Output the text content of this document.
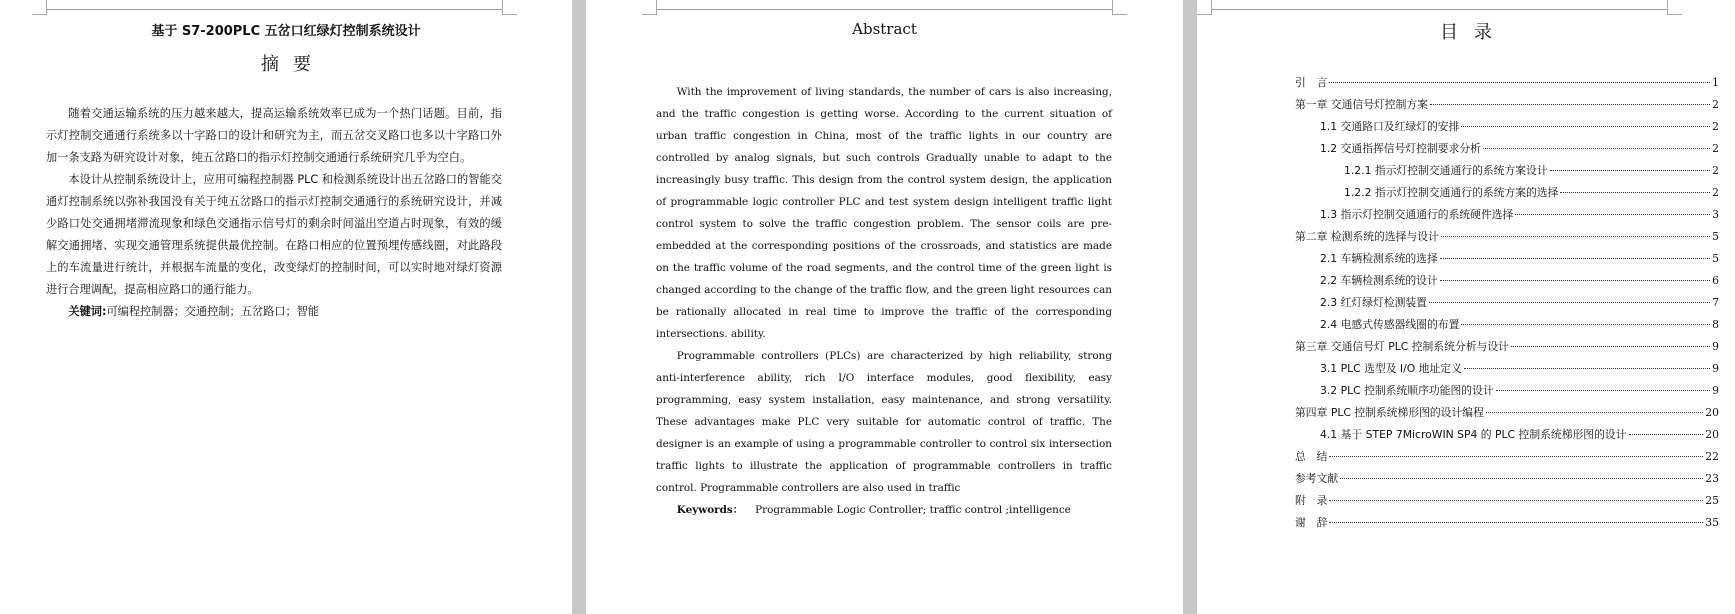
基于 S7-200PLC 五岔口红绿灯控制系统设计
摘要

随着交通运输系统的压力越来越大，提高运输系统效率已成为一个热门话题。目前，指示灯控制交通通行系统多以十字路口的设计和研究为主，而五岔交叉路口也多以十字路口外加一条支路为研究设计对象，纯五岔路口的指示灯控制交通通行系统研究几乎为空白。

本设计从控制系统设计上，应用可编程控制器 PLC 和检测系统设计出五岔路口的智能交通灯控制系统以弥补我国没有关于纯五岔路口的指示灯控制交通通行的系统研究设计，并减少路口处交通拥堵滞流现象和绿色交通指示信号灯的剩余时间溢出空道占时现象，有效的缓解交通拥堵、实现交通管理系统提供最优控制。在路口相应的位置预埋传感线圈，对此路段上的车流量进行统计，并根据车流量的变化，改变绿灯的控制时间，可以实时地对绿灯资源进行合理调配，提高相应路口的通行能力。

关键词:可编程控制器；交通控制；五岔路口；智能

Abstract

With the improvement of living standards, the number of cars is also increasing, and the traffic congestion is getting worse. According to the current situation of urban traffic congestion in China, most of the traffic lights in our country are controlled by analog signals, but such controls Gradually unable to adapt to the increasingly busy traffic. This design from the control system design, the application of programmable logic controller PLC and test system design intelligent traffic light control system to solve the traffic congestion problem. The sensor coils are pre-embedded at the corresponding positions of the crossroads, and statistics are made on the traffic volume of the road segments, and the control time of the green light is changed according to the change of the traffic flow, and the green light resources can be rationally allocated in real time to improve the traffic of the corresponding intersections. ability.

Programmable controllers (PLCs) are characterized by high reliability, strong anti-interference ability, rich I/O interface modules, good flexibility, easy programming, easy system installation, easy maintenance, and strong versatility. These advantages make PLC very suitable for automatic control of traffic. The designer is an example of using a programmable controller to control six intersection traffic lights to illustrate the application of programmable controllers in traffic control. Programmable controllers are also used in traffic

Keywords： Programmable Logic Controller; traffic control ;intelligence

目录
引　言	1
第一章 交通信号灯控制方案	2
1.1 交通路口及红绿灯的安排	2
1.2 交通指挥信号灯控制要求分析	2
1.2.1 指示灯控制交通通行的系统方案设计	2
1.2.2 指示灯控制交通通行的系统方案的选择	2
1.3 指示灯控制交通通行的系统硬件选择	3
第二章 检测系统的选择与设计	5
2.1 车辆检测系统的选择	5
2.2 车辆检测系统的设计	6
2.3 红灯绿灯检测装置	7
2.4 电感式传感器线圈的布置	8
第三章 交通信号灯 PLC 控制系统分析与设计	9
3.1 PLC 选型及 I/O 地址定义	9
3.2 PLC 控制系统顺序功能图的设计	9
第四章 PLC 控制系统梯形图的设计编程	20
4.1 基于 STEP 7MicroWIN SP4 的 PLC 控制系统梯形图的设计	20
总　结	22
参考文献	23
附　录	25
谢　辞	35
